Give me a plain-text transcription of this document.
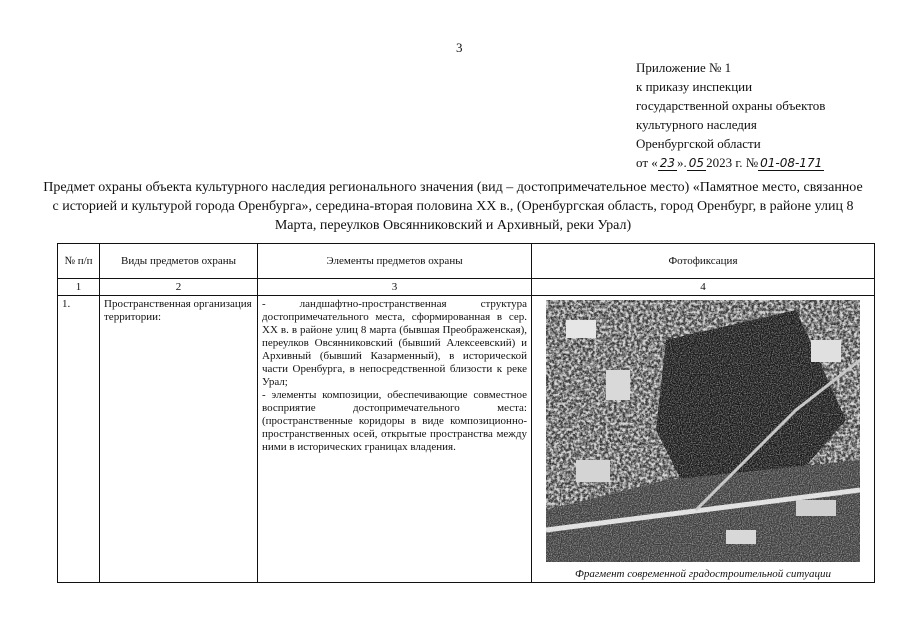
3
Приложение № 1
к приказу инспекции
государственной охраны объектов
культурного наследия
Оренбургской области
от « 23 ». 05 2023 г. № 01-08-171
Предмет охраны объекта культурного наследия регионального значения (вид – достопримечательное место) «Памятное место, связанное с историей и культурой города Оренбурга», середина-вторая половина XX в., (Оренбургская область, город Оренбург, в районе улиц 8 Марта, переулков Овсянниковский и Архивный, реки Урал)
№ п/п	Виды предметов охраны	Элементы предметов охраны	Фотофиксация
1	2	3	4
1.	Пространственная организация территории:	- ландшафтно-пространственная структура достопримечательного места, сформированная в сер. XX в. в районе улиц 8 марта (бывшая Преображенская), переулков Овсянниковский (бывший Алексеевский) и Архивный (бывший Казарменный), в исторической части Оренбурга, в непосредственной близости к реке Урал;
- элементы композиции, обеспечивающие совместное восприятие достопримечательного места: (пространственные коридоры в виде композиционно-пространственных осей, открытые пространства между ними в исторических границах владения.	Фрагмент современной градостроительной ситуации
